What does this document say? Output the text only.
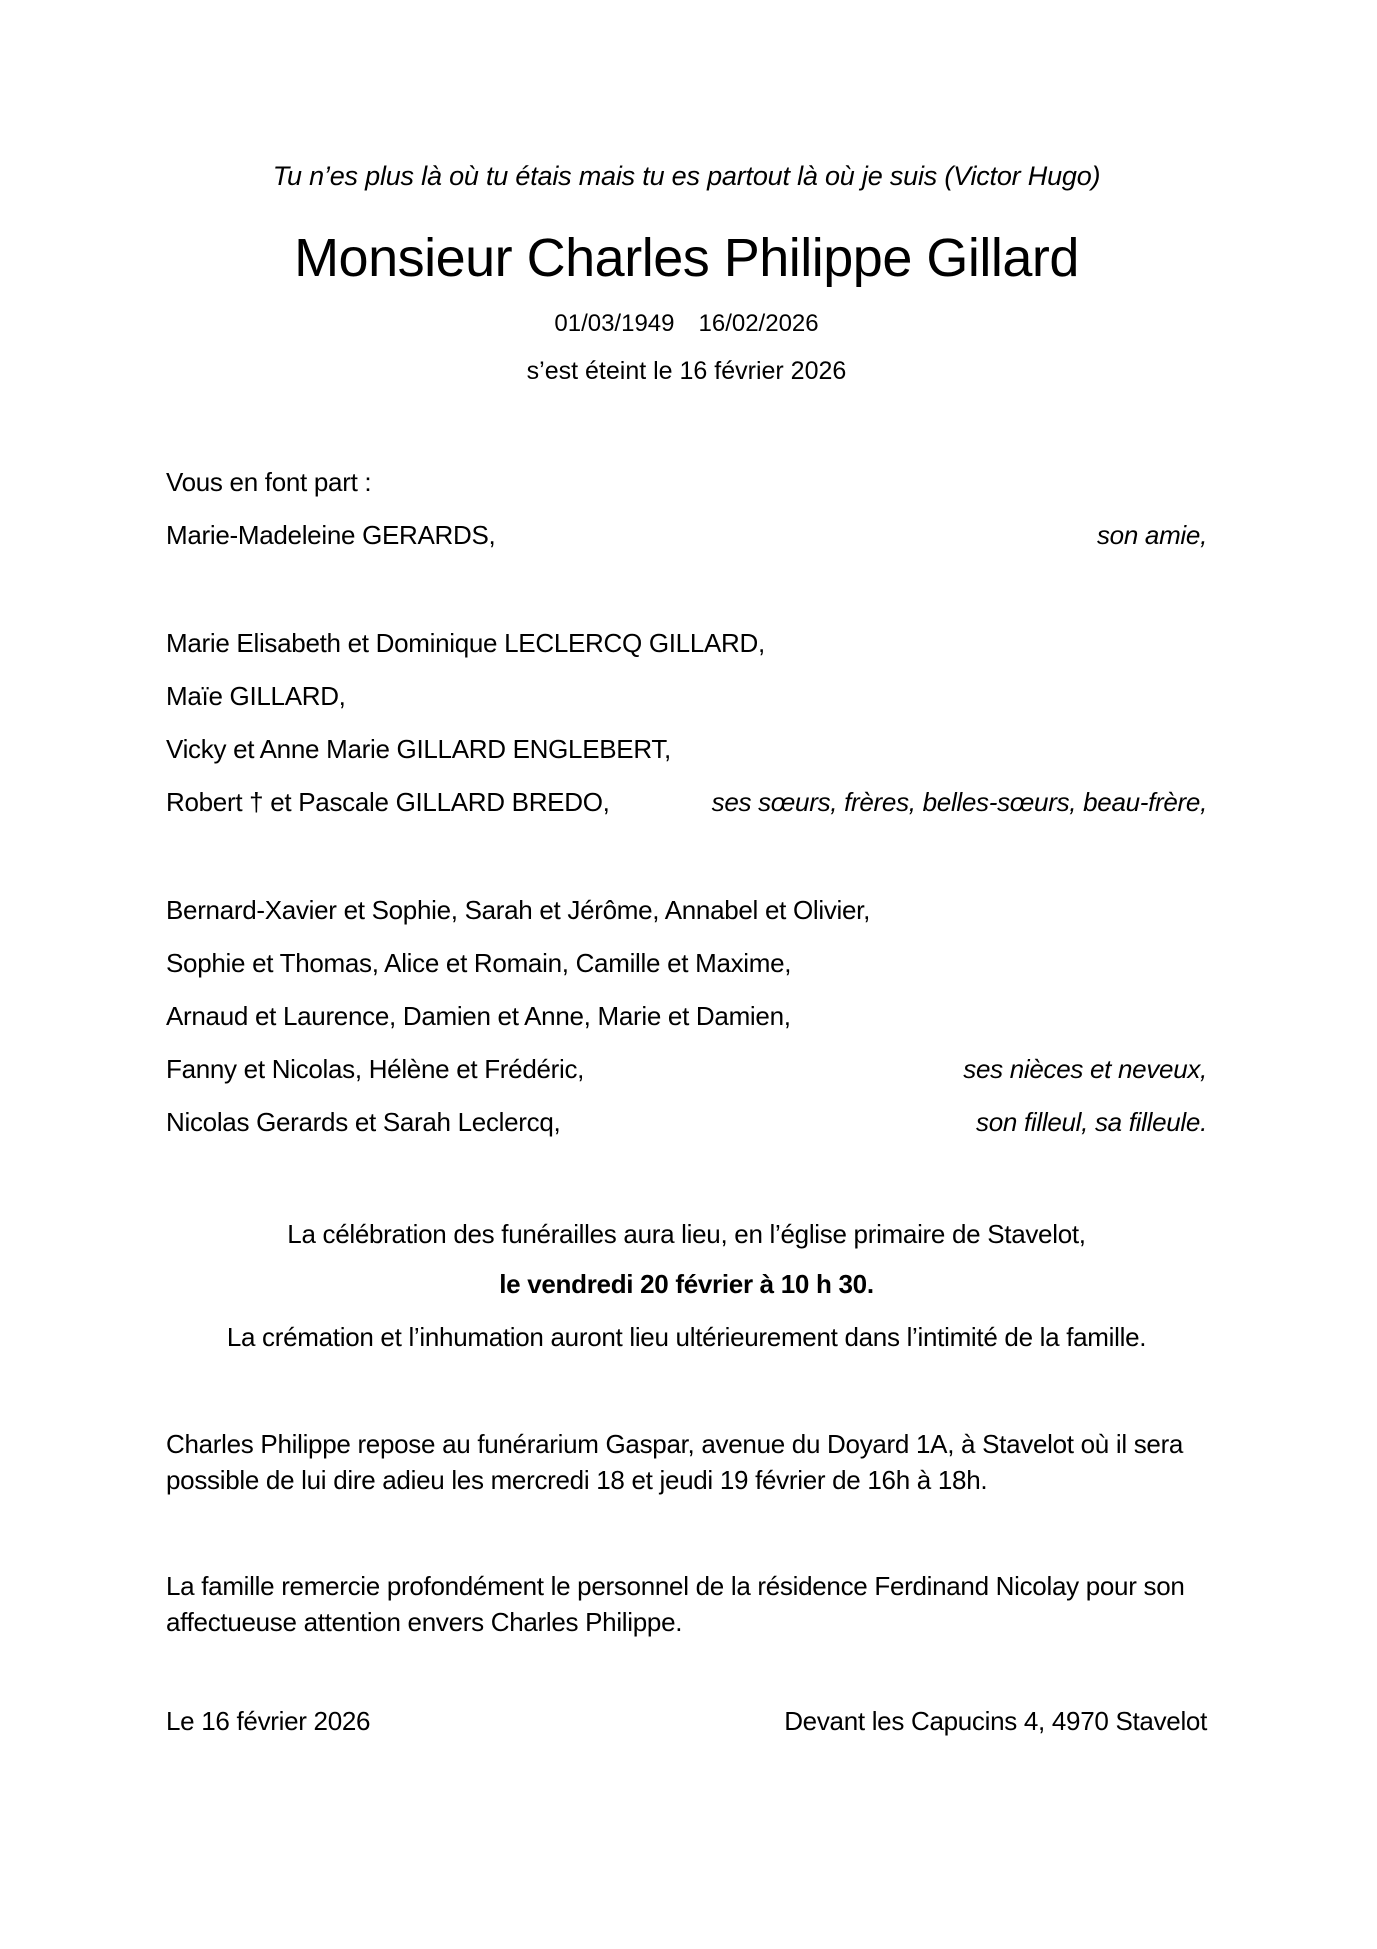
Tu n’es plus là où tu étais mais tu es partout là où je suis (Victor Hugo)
Monsieur Charles Philippe Gillard
01/03/1949 16/02/2026
s’est éteint le 16 février 2026
Vous en font part :
Marie-Madeleine GERARDS,	son amie,
Marie Elisabeth et Dominique LECLERCQ GILLARD,
Maïe GILLARD,
Vicky et Anne Marie GILLARD ENGLEBERT,
Robert † et Pascale GILLARD BREDO,	ses sœurs, frères, belles-sœurs, beau-frère,
Bernard-Xavier et Sophie, Sarah et Jérôme, Annabel et Olivier,
Sophie et Thomas, Alice et Romain, Camille et Maxime,
Arnaud et Laurence, Damien et Anne, Marie et Damien,
Fanny et Nicolas, Hélène et Frédéric,	ses nièces et neveux,
Nicolas Gerards et Sarah Leclercq,	son filleul, sa filleule.
La célébration des funérailles aura lieu, en l’église primaire de Stavelot,
le vendredi 20 février à 10 h 30.
La crémation et l’inhumation auront lieu ultérieurement dans l’intimité de la famille.
Charles Philippe repose au funérarium Gaspar, avenue du Doyard 1A, à Stavelot où il sera
possible de lui dire adieu les mercredi 18 et jeudi 19 février de 16h à 18h.
La famille remercie profondément le personnel de la résidence Ferdinand Nicolay pour son
affectueuse attention envers Charles Philippe.
Le 16 février 2026	Devant les Capucins 4, 4970 Stavelot
